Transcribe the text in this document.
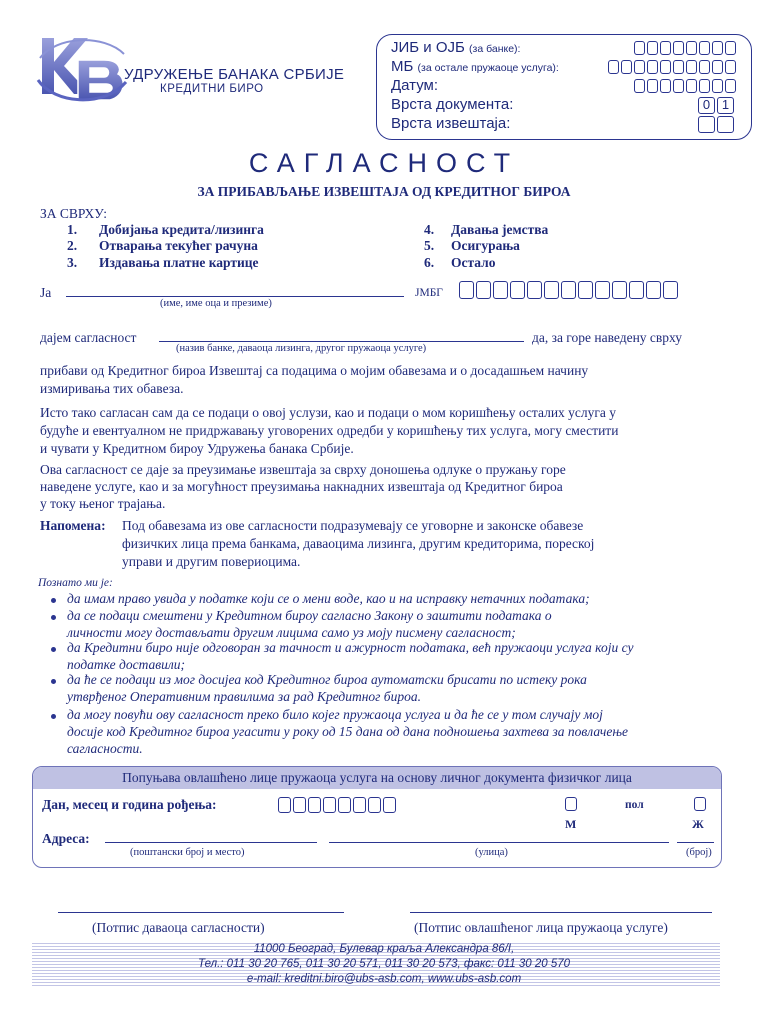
УДРУЖЕЊЕ БАНАКА СРБИЈЕ
КРЕДИТНИ БИРО
ЈИБ и ОЈБ (за банке):
МБ (за остале пружаоце услуга):
Датум:
Врста документа:	0 1
Врста извештаја:
САГЛАСНОСТ
ЗА ПРИБАВЉАЊЕ ИЗВЕШТАЈА ОД КРЕДИТНОГ БИРОА
ЗА СВРХУ:
1. Добијања кредита/лизинга
2. Отварања текућег рачуна
3. Издавања платне картице
4. Давања јемства
5. Осигурања
6. Остало
Ја
(име, име оца и презиме)
ЈМБГ
дајем сагласност
(назив банке, даваоца лизинга, другог пружаоца услуге)
да, за горе наведену сврху
прибави од Кредитног бироа Извештај са подацима о мојим обавезама и о досадашњем начину
измиривања тих обавеза.
Исто тако сагласан сам да се подаци о овој услузи, као и подаци о мом коришћењу осталих услуга у
будуће и евентуалном не придржавању уговорених одредби у коришћењу тих услуга, могу сместити
и чувати у Кредитном бироу Удружења банака Србије.
Ова сагласност се даје за преузимање извештаја за сврху доношења одлуке о пружању горе
наведене услуге, као и за могућност преузимања накнадних извештаја од Кредитног бироа
у току њеног трајања.
Напомена: Под обавезама из ове сагласности подразумевају се уговорне и законске обавезе
физичких лица према банкама, даваоцима лизинга, другим кредиторима, пореској
управи и другим повериоцима.
Познато ми је:
да имам право увида у податке који се о мени воде, као и на исправку нетачних података;
да се подаци смештени у Кредитном бироу сагласно Закону о заштити података о
личности могу достављати другим лицима само уз моју писмену сагласност;
да Кредитни биро није одговоран за тачност и ажурност података, већ пружаоци услуга који су
податке доставили;
да ће се подаци из мог досијеа код Кредитног бироа аутоматски брисати по истеку рока
утврђеног Оперативним правилима за рад Кредитног бироа.
да могу повући ову сагласност преко било којег пружаоца услуга и да ће се у том случају мој
досије код Кредитног бироа угасити у року од 15 дана од дана подношења захтева за повлачење
сагласности.
Попуњава овлашћено лице пружаоца услуга на основу личног документа физичког лица
Дан, месец и година рођења:
М
пол
Ж
Адреса:
(поштански број и место)	(улица)	(број)
(Потпис даваоца сагласности)	(Потпис овлашћеног лица пружаоца услуге)
11000 Београд, Булевар краља Александра 86/I,
Тел.: 011 30 20 765, 011 30 20 571, 011 30 20 573, факс: 011 30 20 570
e-mail: kreditni.biro@ubs-asb.com, www.ubs-asb.com
